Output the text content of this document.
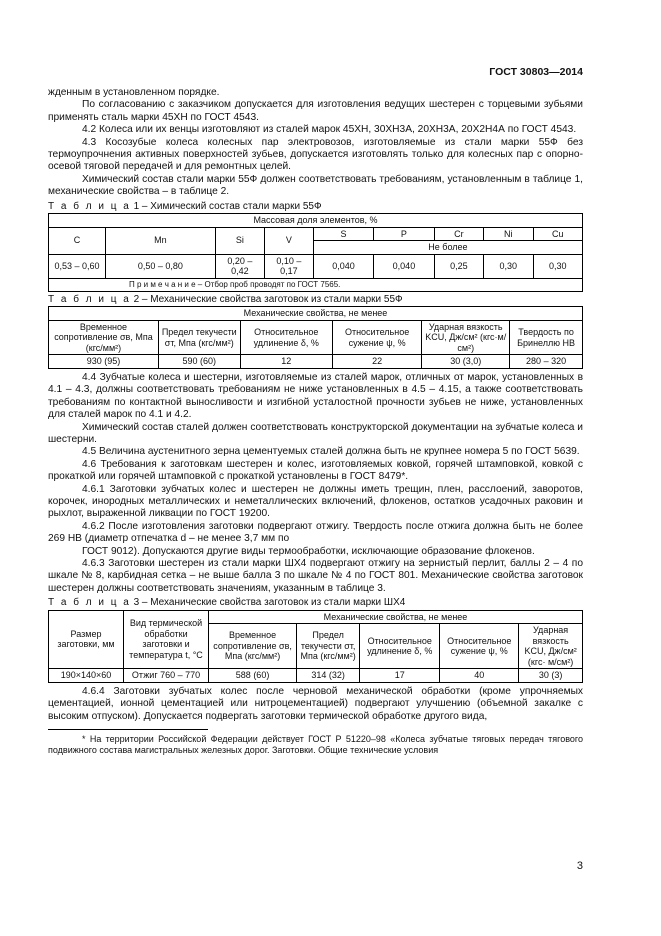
ГОСТ 30803—2014

жденным в установленном порядке.

По согласованию с заказчиком допускается для изготовления ведущих шестерен с торцевыми зубьями применять сталь марки 45ХН по ГОСТ 4543.

4.2 Колеса или их венцы изготовляют из сталей марок 45ХН, 30ХН3А, 20ХН3А, 20Х2Н4А по ГОСТ 4543.

4.3 Косозубые колеса колесных пар электровозов, изготовляемые из стали марки 55Ф без термоупрочнения активных поверхностей зубьев, допускается изготовлять только для колесных пар с опорно-осевой тяговой передачей и для ремонтных целей.

Химический состав стали марки 55Ф должен соответствовать требованиям, установленным в таблице 1, механические свойства – в таблице 2.

Т а б л и ц а 1 – Химический состав стали марки 55Ф
Массовая доля элементов, %								
C	Mn	Si	V	S	P	Cr	Ni	Cu
				Не более				
0,53 – 0,60	0,50 – 0,80	0,20 – 0,42	0,10 – 0,17	0,040	0,040	0,25	0,30	0,30
П р и м е ч а н и е – Отбор проб проводят по ГОСТ 7565.								
Т а б л и ц а 2 – Механические свойства заготовок из стали марки 55Ф
Механические свойства, не менее					
Временное сопротивление σв, Мпа (кгс/мм²)	Предел текучести σт, Мпа (кгс/мм²)	Относительное удлинение δ, %	Относительное сужение ψ, %	Ударная вязкость KCU, Дж/см² (кгс·м/см²)	Твердость по Бринеллю НВ
930 (95)	590 (60)	12	22	30 (3,0)	280 – 320

4.4 Зубчатые колеса и шестерни, изготовляемые из сталей марок, отличных от марок, установленных в 4.1 – 4.3, должны соответствовать требованиям не ниже установленных в 4.5 – 4.15, а также соответствовать требованиям по контактной выносливости и изгибной усталостной прочности зубьев не ниже, установленных для сталей марок по 4.1 и 4.2.

Химический состав сталей должен соответствовать конструкторской документации на зубчатые колеса и шестерни.

4.5 Величина аустенитного зерна цементуемых сталей должна быть не крупнее номера 5 по ГОСТ 5639.

4.6 Требования к заготовкам шестерен и колес, изготовляемых ковкой, горячей штамповкой, ковкой с прокаткой или горячей штамповкой с прокаткой установлены в ГОСТ 8479*.

4.6.1 Заготовки зубчатых колес и шестерен не должны иметь трещин, плен, расслоений, заворотов, корочек, инородных металлических и неметаллических включений, флокенов, остатков усадочных раковин и рыхлот, выраженной ликвации по ГОСТ 19200.

4.6.2 После изготовления заготовки подвергают отжигу. Твердость после отжига должна быть не более 269 НВ (диаметр отпечатка d – не менее 3,7 мм по

ГОСТ 9012). Допускаются другие виды термообработки, исключающие образование флокенов.

4.6.3 Заготовки шестерен из стали марки ШХ4 подвергают отжигу на зернистый перлит, баллы 2 – 4 по шкале № 8, карбидная сетка – не выше балла 3 по шкале № 4 по ГОСТ 801. Механические свойства заготовок шестерен должны соответствовать значениям, указанным в таблице 3.

Т а б л и ц а 3 – Механические свойства заготовок из стали марки ШХ4
Размер заготовки, мм	Вид термической обработки заготовки и температура t, °С	Механические свойства, не менее				
		Временное сопротивление σв, Мпа (кгс/мм²)	Предел текучести σт, Мпа (кгс/мм²)	Относительное удлинение δ, %	Относительное сужение ψ, %	Ударная вязкость KCU, Дж/см² (кгс· м/см²)
190×140×60	Отжиг 760 – 770	588 (60)	314 (32)	17	40	30 (3)

4.6.4 Заготовки зубчатых колес после черновой механической обработки (кроме упрочняемых цементацией, ионной цементацией или нитроцементацией) подвергают улучшению (объемной закалке с высоким отпуском). Допускается подвергать заготовки термической обработке другого вида,

* На территории Российской Федерации действует ГОСТ Р 51220–98 «Колеса зубчатые тяговых передач тягового подвижного состава магистральных железных дорог. Заготовки. Общие технические условия

3
